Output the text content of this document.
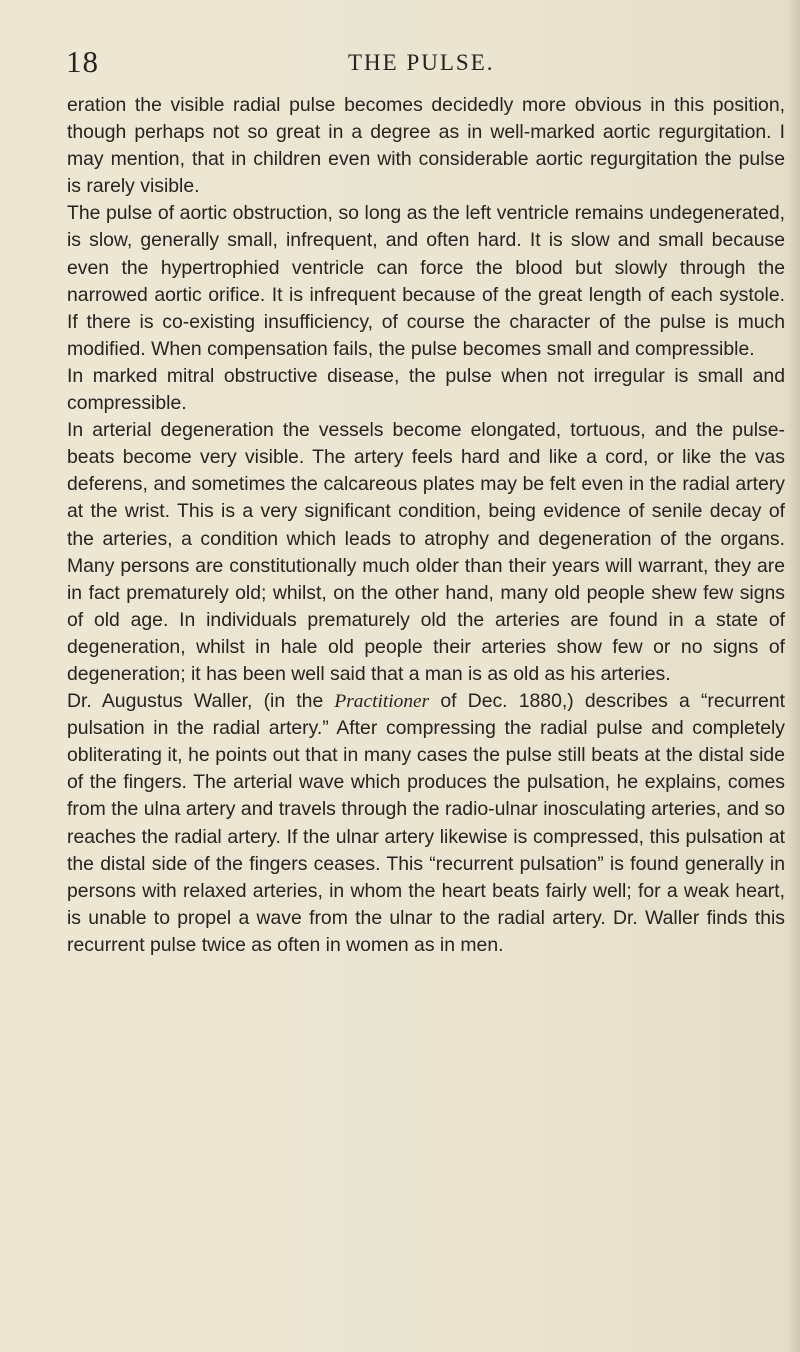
18	THE PULSE.

eration the visible radial pulse becomes decidedly more obvious in this position, though perhaps not so great in a degree as in well-marked aortic regurgitation. I may mention, that in children even with considerable aortic regurgitation the pulse is rarely visible.

The pulse of aortic obstruction, so long as the left ventricle remains undegenerated, is slow, generally small, infrequent, and often hard. It is slow and small because even the hypertrophied ventricle can force the blood but slowly through the narrowed aortic orifice. It is infrequent because of the great length of each systole. If there is co-existing insufficiency, of course the character of the pulse is much modified. When compensation fails, the pulse becomes small and compressible.

In marked mitral obstructive disease, the pulse when not irregular is small and compressible.

In arterial degeneration the vessels become elongated, tortuous, and the pulse-beats become very visible. The artery feels hard and like a cord, or like the vas deferens, and sometimes the calcareous plates may be felt even in the radial artery at the wrist. This is a very significant condition, being evidence of senile decay of the arteries, a condition which leads to atrophy and degeneration of the organs. Many persons are constitutionally much older than their years will warrant, they are in fact prematurely old; whilst, on the other hand, many old people shew few signs of old age. In individuals prematurely old the arteries are found in a state of degeneration, whilst in hale old people their arteries show few or no signs of degeneration; it has been well said that a man is as old as his arteries.

Dr. Augustus Waller, (in the Practitioner of Dec. 1880,) describes a “recurrent pulsation in the radial artery.” After compressing the radial pulse and completely obliterating it, he points out that in many cases the pulse still beats at the distal side of the fingers. The arterial wave which produces the pulsation, he explains, comes from the ulna artery and travels through the radio-ulnar inosculating arteries, and so reaches the radial artery. If the ulnar artery likewise is compressed, this pulsation at the distal side of the fingers ceases. This “recurrent pulsation” is found generally in persons with relaxed arteries, in whom the heart beats fairly well; for a weak heart, is unable to propel a wave from the ulnar to the radial artery. Dr. Waller finds this recurrent pulse twice as often in women as in men.
